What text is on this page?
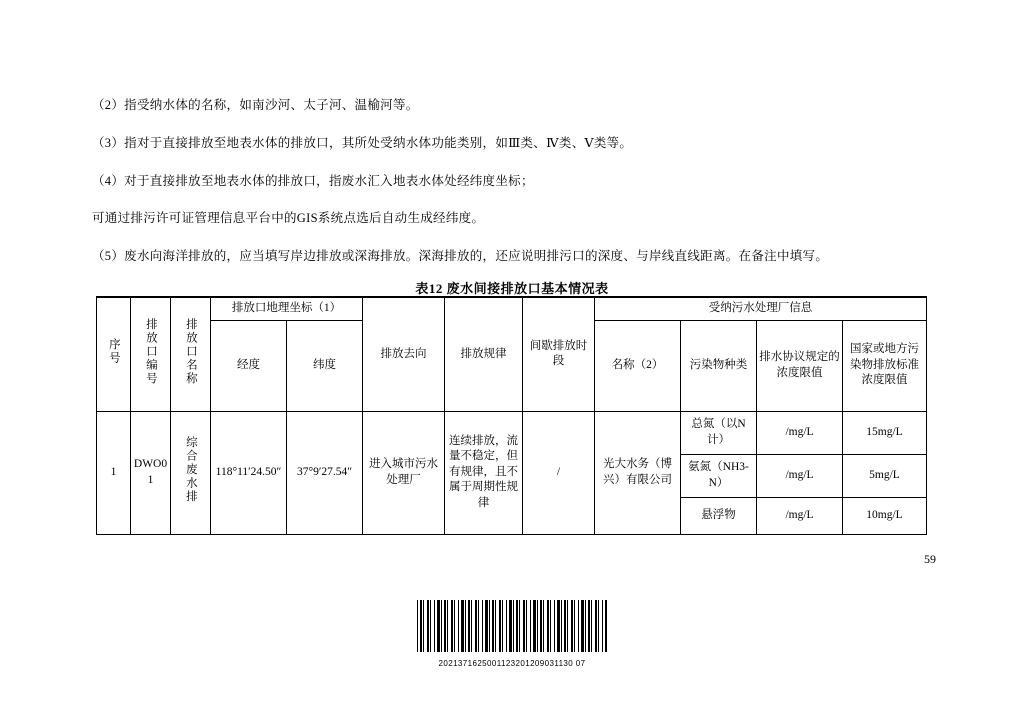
（2）指受纳水体的名称，如南沙河、太子河、温榆河等。
（3）指对于直接排放至地表水体的排放口，其所处受纳水体功能类别，如Ⅲ类、Ⅳ类、Ⅴ类等。
（4）对于直接排放至地表水体的排放口，指废水汇入地表水体处经纬度坐标；
可通过排污许可证管理信息平台中的GIS系统点选后自动生成经纬度。
（5）废水向海洋排放的，应当填写岸边排放或深海排放。深海排放的，还应说明排污口的深度、与岸线直线距离。在备注中填写。
表12 废水间接排放口基本情况表
序号	排放口编号	排放口名称	排放口地理坐标（1）		排放去向	排放规律	间歇排放时段	受纳污水处理厂信息			
			经度	纬度				名称（2）	污染物种类	排水协议规定的浓度限值	国家或地方污染物排放标准浓度限值
1	DWO01	综合废水排	118°11′24.50″	37°9′27.54″	进入城市污水处理厂	连续排放，流量不稳定，但有规律，且不属于周期性规律	/	光大水务（博兴）有限公司	总氮（以N计）	/mg/L	15mg/L
									氨氮（NH3-N）	/mg/L	5mg/L
									悬浮物	/mg/L	10mg/L
59
2021371625001123201209031130 07
